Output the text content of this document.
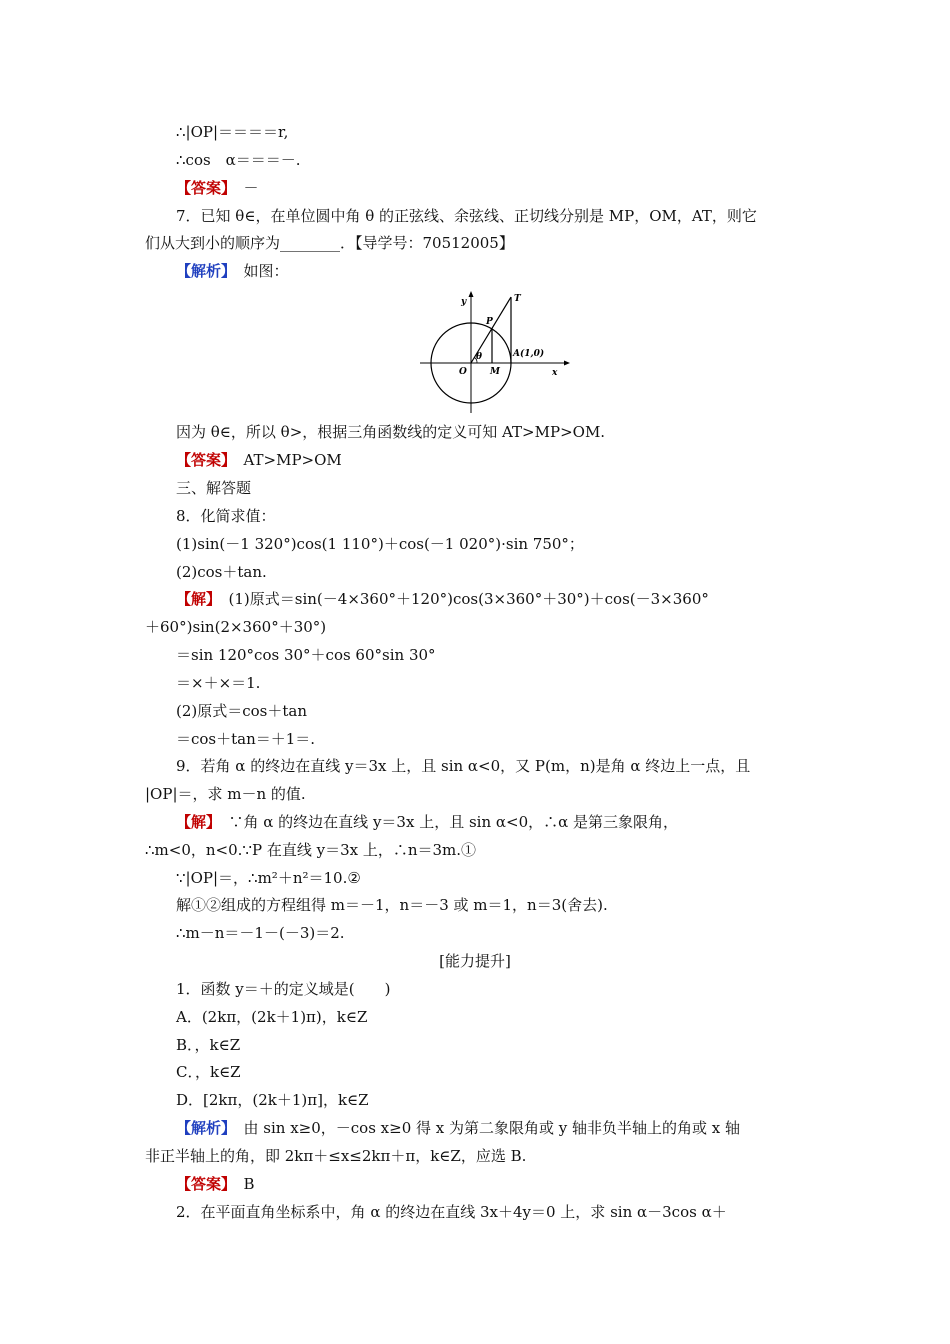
∴|OP|＝＝＝＝r,
∴cos　α＝＝＝－.
【答案】　－
7．已知 θ∈，在单位圆中角 θ 的正弦线、余弦线、正切线分别是 MP，OM，AT，则它
们从大到小的顺序为________．【导学号：70512005】
【解析】　如图：
y
x
T
P
A(1,0)
θ
O	M
因为 θ∈，所以 θ>，根据三角函数线的定义可知 AT>MP>OM.
【答案】　AT>MP>OM
三、解答题
8．化简求值：
(1)sin(－1 320°)cos(1 110°)＋cos(－1 020°)·sin 750°；
(2)cos＋tan.
【解】　(1)原式＝sin(－4×360°＋120°)cos(3×360°＋30°)＋cos(－3×360°
＋60°)sin(2×360°＋30°)
＝sin 120°cos 30°＋cos 60°sin 30°
＝×＋×＝1.
(2)原式＝cos＋tan
＝cos＋tan＝＋1＝.
9．若角 α 的终边在直线 y＝3x 上，且 sin α<0，又 P(m，n)是角 α 终边上一点，且
|OP|＝，求 m－n 的值.
【解】　∵角 α 的终边在直线 y＝3x 上，且 sin α<0，∴α 是第三象限角，
∴m<0，n<0.∵P 在直线 y＝3x 上，∴n＝3m.①
∵|OP|＝，∴m²＋n²＝10.②
解①②组成的方程组得 m＝－1，n＝－3 或 m＝1，n＝3(舍去).
∴m－n＝－1－(－3)＝2.
[能力提升]
1．函数 y＝＋的定义域是(　　)
A．(2kπ，(2k＋1)π)，k∈Z
B．，k∈Z
C．，k∈Z
D．[2kπ，(2k＋1)π]，k∈Z
【解析】　由 sin x≥0，－cos x≥0 得 x 为第二象限角或 y 轴非负半轴上的角或 x 轴
非正半轴上的角，即 2kπ＋≤x≤2kπ＋π，k∈Z，应选 B.
【答案】　B
2．在平面直角坐标系中，角 α 的终边在直线 3x＋4y＝0 上，求 sin α－3cos α＋
